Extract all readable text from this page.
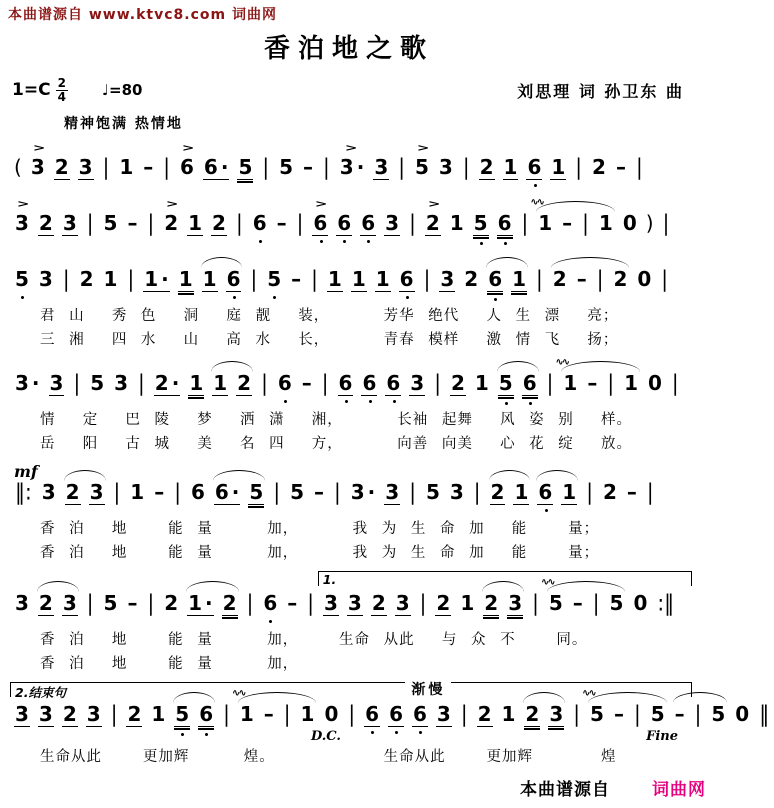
本曲谱源自 www.ktvc8.com 词曲网
香泊地之歌
$1=C \frac{2}{4}$ ♩=80	刘思理 词 孙卫东 曲
精神饱满 热情地
( 3
>
2 3 | 1 – | 6
>
6 · 5 | 5 – | 3 ·
>
3 | 5
>
3 | 2 1 6 1 | 2 – |
3
>
2 3 | 5 – | 2
>
1 2 | 6 – | 6
>
6 6 3 | 2
>
1 5 6 | 1
∿∿
– | 1 0 ) |
5 3 | 2 1 | 1 · 1 1 6 | 5 – | 1 1 1 6 | 3 2 6 1 | 2 – | 2 0 |
君 山  秀 色  洞  庭 靓  装，    芳华 绝代  人 生 漂  亮；
三 湘  四 水  山  高 水  长，    青春 模样  激 情 飞  扬；
3 · 3 | 5 3 | 2 · 1 1 2 | 6 – | 6 6 6 3 | 2 1 5 6 | 1
∿∿
– | 1 0 |
情  定  巴 陵  梦  洒 潇  湘，    长袖 起舞  风 姿 别  样。
岳  阳  古 城  美  名 四  方，    向善 向美  心 花 绽  放。
mf
‖: 3 2 3 | 1 – | 6 6 · 5 | 5 – | 3 · 3 | 5 3 | 2 1 6 1 | 2 – |
香 泊  地   能 量    加，    我 为 生 命 加  能   量；
香 泊  地   能 量    加，    我 为 生 命 加  能   量；
1.
3 2 3 | 5 – | 2 1 · 2 | 6 – | 3 3 2 3 | 2 1 2 3 | 5
∿∿
– | 5 0 :‖
香 泊  地   能 量    加，   生命 从此  与 众 不   同。
香 泊  地   能 量    加，
2.结束句	渐慢
3 3 2 3 | 2 1 5 6 | 1
∿∿
– | 1 0 | 6 6 6 3 | 2 1 2 3 | 5
∿∿
– | 5 – | 5 0 ‖
D.C.	Fine
生命从此   更加辉    煌。        生命从此   更加辉     煌
本曲谱源自 词曲网
